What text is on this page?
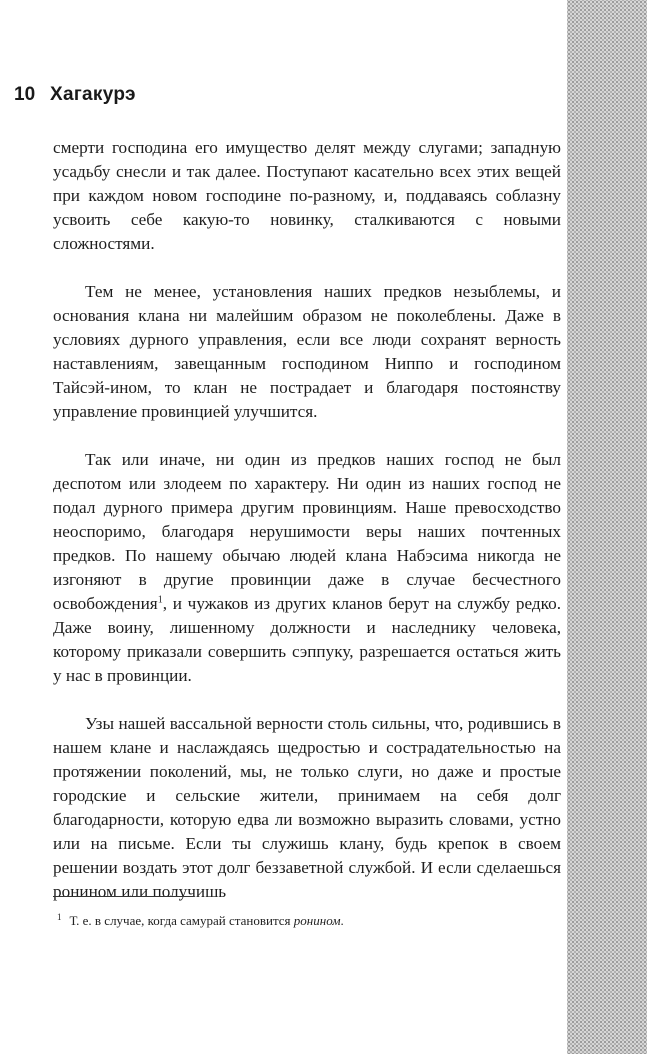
10 Хагакурэ

смерти господина его имущество делят между слугами; западную усадьбу снесли и так далее. Поступают касательно всех этих вещей при каждом новом господине по-разному, и, поддаваясь соблазну усвоить себе какую-то новинку, сталкиваются с новыми сложностями.

Тем не менее, установления наших предков незыблемы, и основания клана ни малейшим образом не поколеблены. Даже в условиях дурного управления, если все люди сохранят верность наставлениям, завещанным господином Ниппо и господином Тайсэй-ином, то клан не пострадает и благодаря постоянству управление провинцией улучшится.

Так или иначе, ни один из предков наших господ не был деспотом или злодеем по характеру. Ни один из наших господ не подал дурного примера другим провинциям. Наше превосходство неоспоримо, благодаря нерушимости веры наших почтенных предков. По нашему обычаю людей клана Набэсима никогда не изгоняют в другие провинции даже в случае бесчестного освобождения$^1$, и чужаков из других кланов берут на службу редко. Даже воину, лишенному должности и наследнику человека, которому приказали совершить сэппуку, разрешается остаться жить у нас в провинции.

Узы нашей вассальной верности столь сильны, что, родившись в нашем клане и наслаждаясь щедростью и сострадательностью на протяжении поколений, мы, не только слуги, но даже и простые городские и сельские жители, принимаем на себя долг благодарности, которую едва ли возможно выразить словами, устно или на письме. Если ты служишь клану, будь крепок в своем решении воздать этот долг беззаветной службой. И если сделаешься ронином или получишь

$^1$ Т. е. в случае, когда самурай становится ронином.
